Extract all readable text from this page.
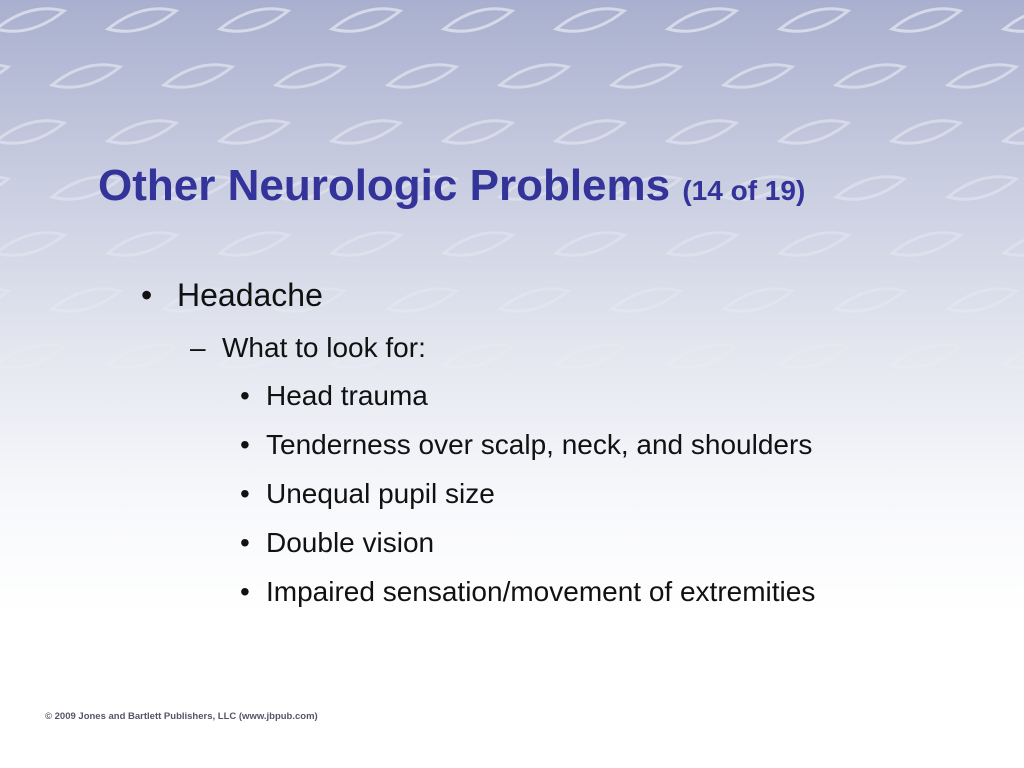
Other Neurologic Problems (14 of 19)
• Headache
– What to look for:
• Head trauma
• Tenderness over scalp, neck, and shoulders
• Unequal pupil size
• Double vision
• Impaired sensation/movement of extremities
© 2009 Jones and Bartlett Publishers, LLC (www.jbpub.com)
